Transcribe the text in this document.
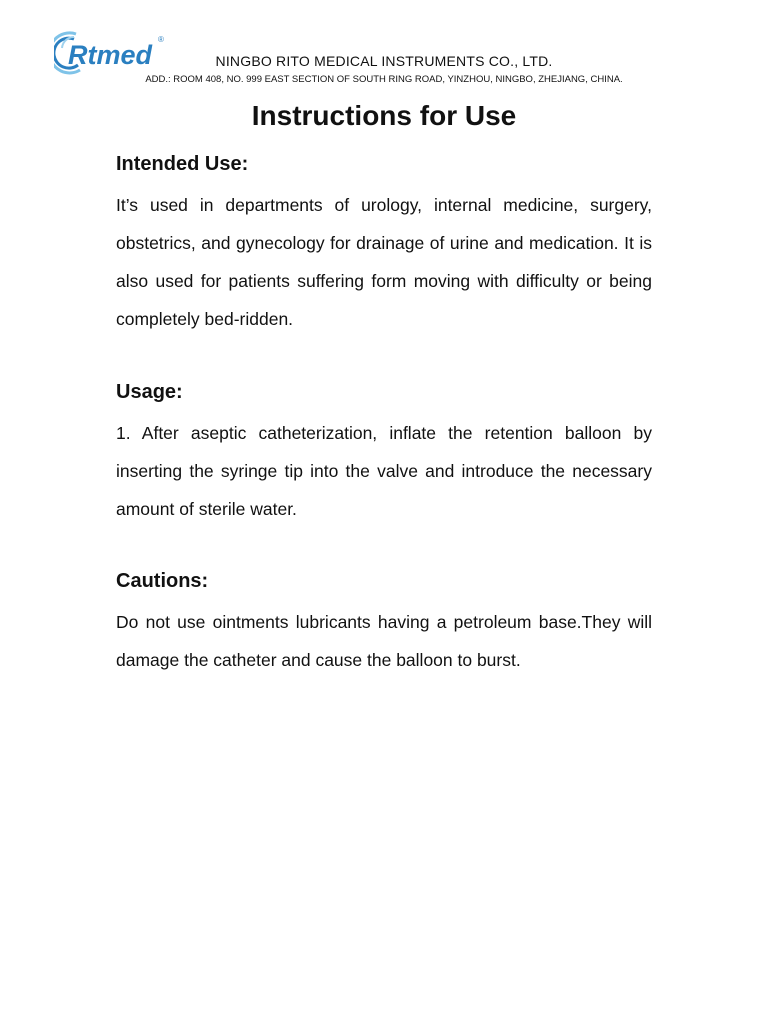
Rtmed
®
NINGBO RITO MEDICAL INSTRUMENTS CO., LTD.
ADD.: ROOM 408, NO. 999 EAST SECTION OF SOUTH RING ROAD, YINZHOU, NINGBO, ZHEJIANG, CHINA.
Instructions for Use
Intended Use:

It’s used in departments of urology, internal medicine, surgery, obstetrics, and gynecology for drainage of urine and medication. It is also used for patients suffering form moving with difficulty or being completely bed-ridden.

Usage:

1. After aseptic catheterization, inflate the retention balloon by inserting the syringe tip into the valve and introduce the necessary amount of sterile water.

Cautions:

Do not use ointments lubricants having a petroleum base.They will damage the catheter and cause the balloon to burst.
